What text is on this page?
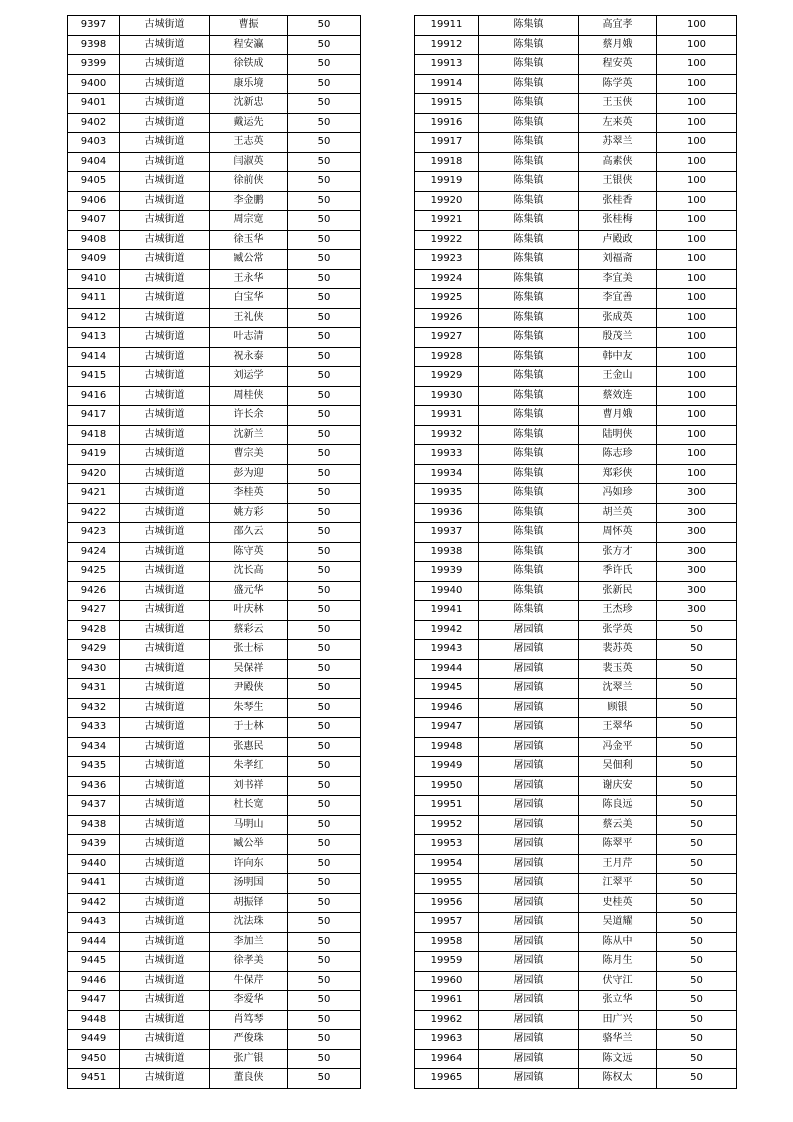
9397	古城街道	曹振	50
9398	古城街道	程安瀛	50
9399	古城街道	徐铁成	50
9400	古城街道	康乐境	50
9401	古城街道	沈新忠	50
9402	古城街道	戴运先	50
9403	古城街道	王志英	50
9404	古城街道	闫淑英	50
9405	古城街道	徐前侠	50
9406	古城街道	李金鹏	50
9407	古城街道	周宗宽	50
9408	古城街道	徐玉华	50
9409	古城街道	臧公常	50
9410	古城街道	王永华	50
9411	古城街道	白宝华	50
9412	古城街道	王礼侠	50
9413	古城街道	叶志清	50
9414	古城街道	祝永泰	50
9415	古城街道	刘运学	50
9416	古城街道	周桂侠	50
9417	古城街道	许长余	50
9418	古城街道	沈新兰	50
9419	古城街道	曹宗美	50
9420	古城街道	彭为迎	50
9421	古城街道	李桂英	50
9422	古城街道	姚方彩	50
9423	古城街道	邵久云	50
9424	古城街道	陈守英	50
9425	古城街道	沈长高	50
9426	古城街道	盛元华	50
9427	古城街道	叶庆林	50
9428	古城街道	蔡彩云	50
9429	古城街道	张士标	50
9430	古城街道	吴保祥	50
9431	古城街道	尹殿侠	50
9432	古城街道	朱琴生	50
9433	古城街道	于士林	50
9434	古城街道	张惠民	50
9435	古城街道	朱孝红	50
9436	古城街道	刘书祥	50
9437	古城街道	杜长宽	50
9438	古城街道	马明山	50
9439	古城街道	臧公举	50
9440	古城街道	许向东	50
9441	古城街道	汤明国	50
9442	古城街道	胡振铎	50
9443	古城街道	沈法珠	50
9444	古城街道	李加兰	50
9445	古城街道	徐孝美	50
9446	古城街道	牛保芹	50
9447	古城街道	李爱华	50
9448	古城街道	肖笃琴	50
9449	古城街道	严俊珠	50
9450	古城街道	张广银	50
9451	古城街道	董良侠	50
19911	陈集镇	高宜孝	100
19912	陈集镇	蔡月娥	100
19913	陈集镇	程安英	100
19914	陈集镇	陈学英	100
19915	陈集镇	王玉侠	100
19916	陈集镇	左来英	100
19917	陈集镇	苏翠兰	100
19918	陈集镇	高素侠	100
19919	陈集镇	王银侠	100
19920	陈集镇	张桂香	100
19921	陈集镇	张桂梅	100
19922	陈集镇	卢殿政	100
19923	陈集镇	刘福斋	100
19924	陈集镇	李宜美	100
19925	陈集镇	李宜善	100
19926	陈集镇	张成英	100
19927	陈集镇	殷茂兰	100
19928	陈集镇	韩中友	100
19929	陈集镇	王金山	100
19930	陈集镇	蔡效连	100
19931	陈集镇	曹月娥	100
19932	陈集镇	陆明侠	100
19933	陈集镇	陈志珍	100
19934	陈集镇	郑彩侠	100
19935	陈集镇	冯如珍	300
19936	陈集镇	胡兰英	300
19937	陈集镇	周怀英	300
19938	陈集镇	张方才	300
19939	陈集镇	季许氏	300
19940	陈集镇	张新民	300
19941	陈集镇	王杰珍	300
19942	屠园镇	张学英	50
19943	屠园镇	裴苏英	50
19944	屠园镇	裴玉英	50
19945	屠园镇	沈翠兰	50
19946	屠园镇	顾银	50
19947	屠园镇	王翠华	50
19948	屠园镇	冯金平	50
19949	屠园镇	吴佃利	50
19950	屠园镇	谢庆安	50
19951	屠园镇	陈良远	50
19952	屠园镇	蔡云美	50
19953	屠园镇	陈翠平	50
19954	屠园镇	王月芹	50
19955	屠园镇	江翠平	50
19956	屠园镇	史桂英	50
19957	屠园镇	吴道耀	50
19958	屠园镇	陈从中	50
19959	屠园镇	陈月生	50
19960	屠园镇	伏守江	50
19961	屠园镇	张立华	50
19962	屠园镇	田广兴	50
19963	屠园镇	骆华兰	50
19964	屠园镇	陈文远	50
19965	屠园镇	陈权太	50
